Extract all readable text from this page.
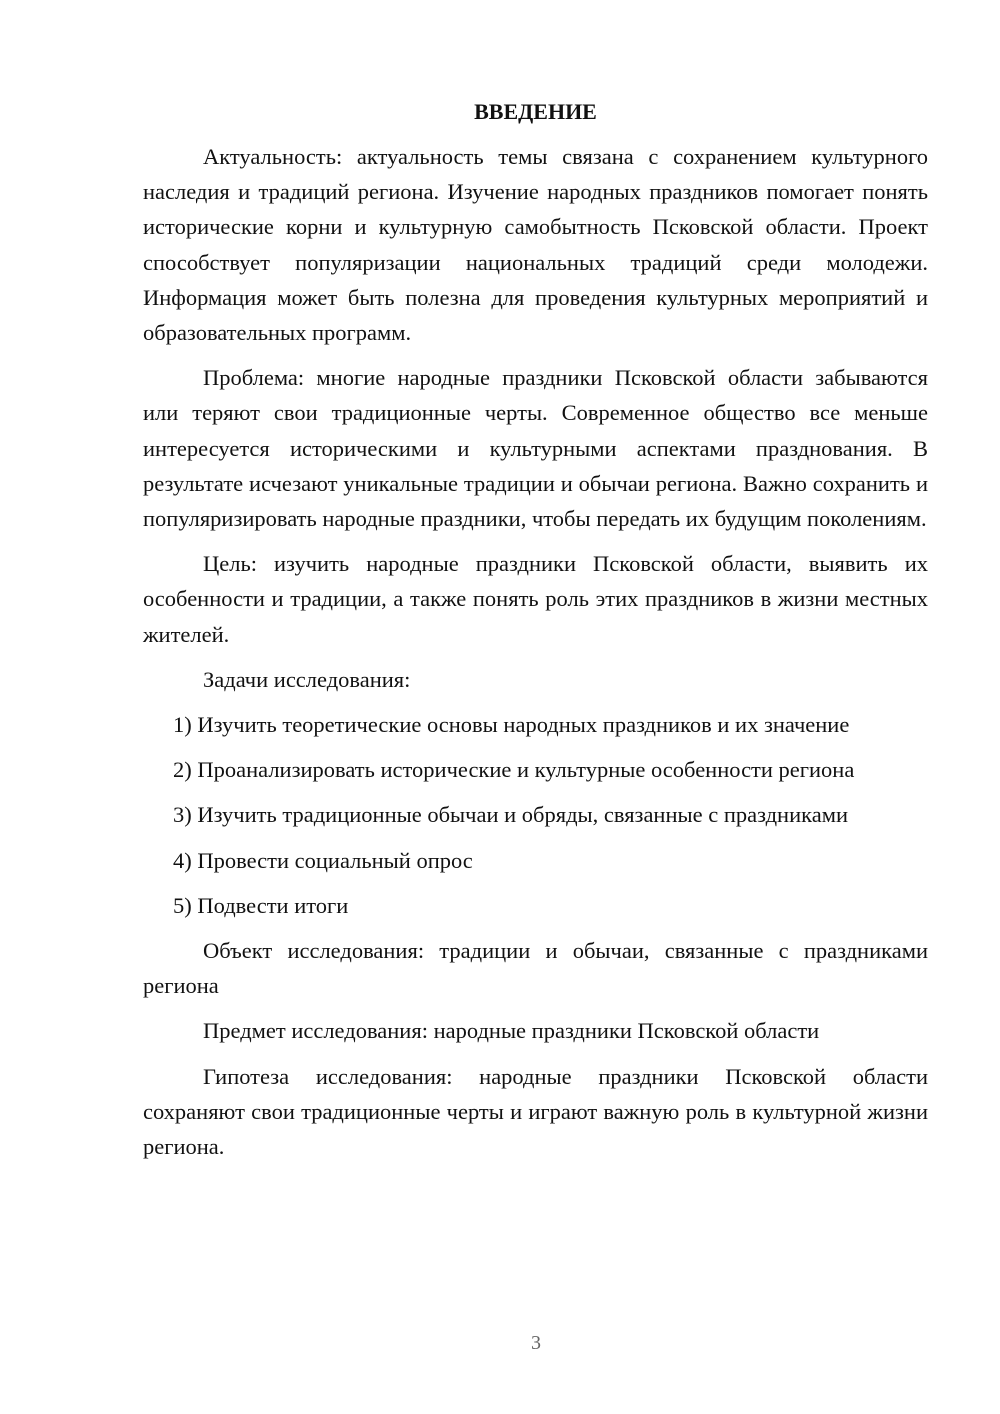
ВВЕДЕНИЕ

Актуальность: актуальность темы связана с сохранением культурного наследия и традиций региона. Изучение народных праздников помогает понять исторические корни и культурную самобытность Псковской области. Проект способствует популяризации национальных традиций среди молодежи. Информация может быть полезна для проведения культурных мероприятий и образовательных программ.

Проблема: многие народные праздники Псковской области забываются или теряют свои традиционные черты. Современное общество все меньше интересуется историческими и культурными аспектами празднования. В результате исчезают уникальные традиции и обычаи региона. Важно сохранить и популяризировать народные праздники, чтобы передать их будущим поколениям.

Цель: изучить народные праздники Псковской области, выявить их особенности и традиции, а также понять роль этих праздников в жизни местных жителей.

Задачи исследования:

1) Изучить теоретические основы народных праздников и их значение

2) Проанализировать исторические и культурные особенности региона

3) Изучить традиционные обычаи и обряды, связанные с праздниками

4) Провести социальный опрос

5) Подвести итоги

Объект исследования: традиции и обычаи, связанные с праздниками региона

Предмет исследования: народные праздники Псковской области

Гипотеза исследования: народные праздники Псковской области сохраняют свои традиционные черты и играют важную роль в культурной жизни региона.

3
